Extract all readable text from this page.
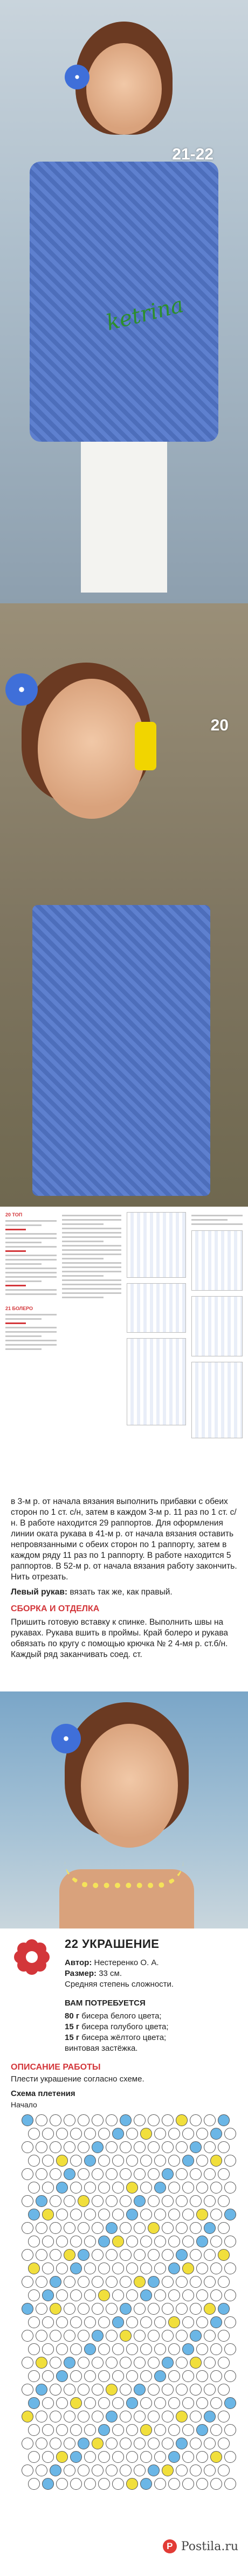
21-22
ketrina
20
20 ТОП
21 БОЛЕРО

в 3-м р. от начала вязания выполнить прибавки с обеих сторон по 1 ст. с/н, затем в каждом 3-м р. 11 раз по 1 ст. с/н. В работе находится 29 раппортов. Для оформления линии оката рукава в 41-м р. от начала вязания оставить непровязанными с обеих сторон по 1 раппорту, затем в каждом ряду 11 раз по 1 раппорту. В работе находится 5 раппортов. В 52-м р. от начала вязания работу закончить. Нить отрезать.

Левый рукав: вязать так же, как правый.

СБОРКА И ОТДЕЛКА

Пришить готовую вставку к спинке. Выполнить швы на рукавах. Рукава вшить в проймы. Край болеро и рукава обвязать по кругу с помощью крючка № 2 4-мя р. ст.б/н. Каждый ряд заканчивать соед. ст.

22 УКРАШЕНИЕ
Автор: Нестеренко О. А.
Размер: 33 см.
Средняя степень сложности.
ВАМ ПОТРЕБУЕТСЯ
80 г бисера белого цвета;
15 г бисера голубого цвета;
15 г бисера жёлтого цвета;
винтовая застёжка.
ОПИСАНИЕ РАБОТЫ
Плести украшение согласно схеме.
Схема плетения
Начало
P Postila.ru
